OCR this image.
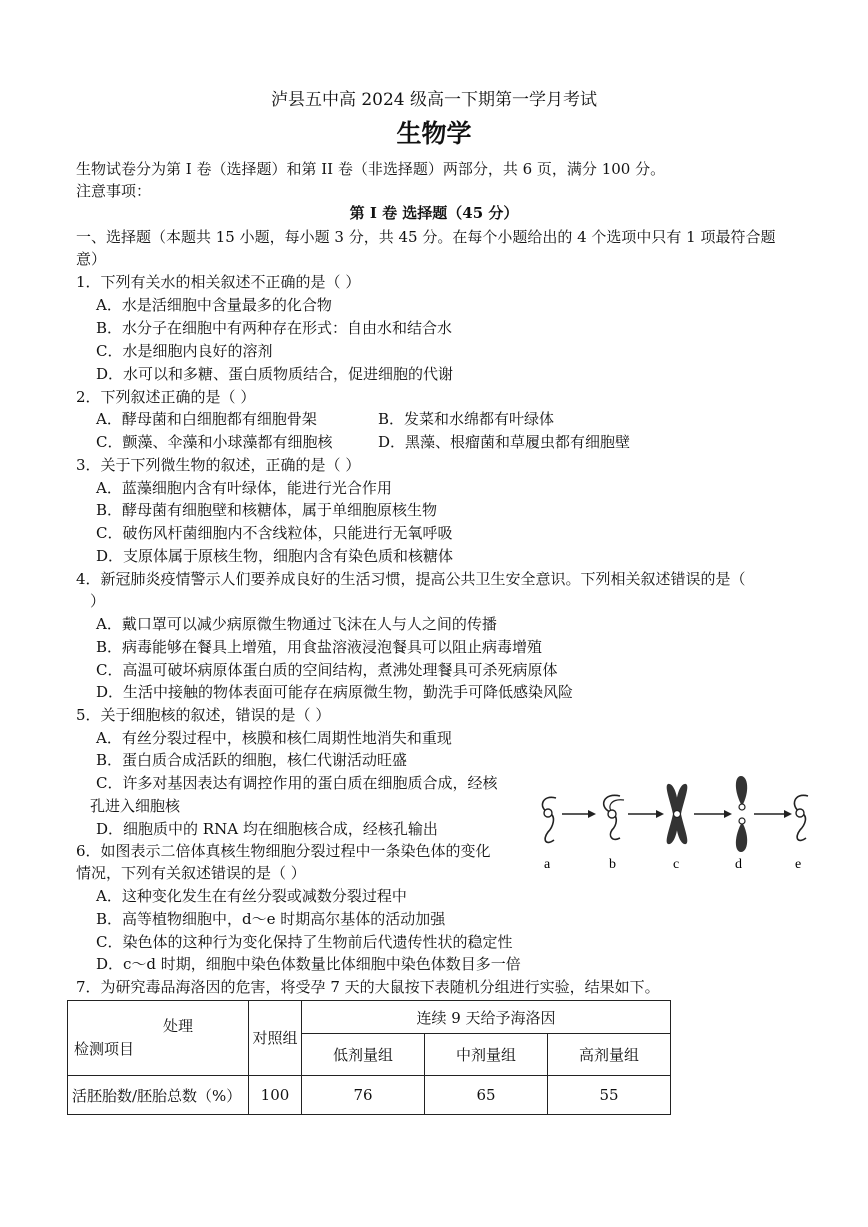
泸县五中高 2024 级高一下期第一学月考试
生物学
生物试卷分为第 I 卷（选择题）和第 II 卷（非选择题）两部分，共 6 页，满分 100 分。
注意事项：
第 I 卷 选择题（45 分）
一、选择题（本题共 15 小题，每小题 3 分，共 45 分。在每个小题给出的 4 个选项中只有 1 项最符合题
意）
1．下列有关水的相关叙述不正确的是（ ）
A．水是活细胞中含量最多的化合物
B．水分子在细胞中有两种存在形式：自由水和结合水
C．水是细胞内良好的溶剂
D．水可以和多糖、蛋白质物质结合，促进细胞的代谢
2．下列叙述正确的是（ ）
A．酵母菌和白细胞都有细胞骨架	B．发菜和水绵都有叶绿体
C．颤藻、伞藻和小球藻都有细胞核	D．黑藻、根瘤菌和草履虫都有细胞壁
3．关于下列微生物的叙述，正确的是（ ）
A．蓝藻细胞内含有叶绿体，能进行光合作用
B．酵母菌有细胞壁和核糖体，属于单细胞原核生物
C．破伤风杆菌细胞内不含线粒体，只能进行无氧呼吸
D．支原体属于原核生物，细胞内含有染色质和核糖体
4．新冠肺炎疫情警示人们要养成良好的生活习惯，提高公共卫生安全意识。下列相关叙述错误的是（
）
A．戴口罩可以减少病原微生物通过飞沫在人与人之间的传播
B．病毒能够在餐具上增殖，用食盐溶液浸泡餐具可以阻止病毒增殖
C．高温可破坏病原体蛋白质的空间结构，煮沸处理餐具可杀死病原体
D．生活中接触的物体表面可能存在病原微生物，勤洗手可降低感染风险
5．关于细胞核的叙述，错误的是（ ）
A．有丝分裂过程中，核膜和核仁周期性地消失和重现
B．蛋白质合成活跃的细胞，核仁代谢活动旺盛
C．许多对基因表达有调控作用的蛋白质在细胞质合成，经核
孔进入细胞核
D．细胞质中的 RNA 均在细胞核合成，经核孔输出
6．如图表示二倍体真核生物细胞分裂过程中一条染色体的变化
情况，下列有关叙述错误的是（ ）
A．这种变化发生在有丝分裂或减数分裂过程中
B．高等植物细胞中，d～e 时期高尔基体的活动加强
C．染色体的这种行为变化保持了生物前后代遗传性状的稳定性
D．c～d 时期，细胞中染色体数量比体细胞中染色体数目多一倍
7．为研究毒品海洛因的危害，将受孕 7 天的大鼠按下表随机分组进行实验，结果如下。
a	b	c	d	e
处理
检测项目	对照组	连续 9 天给予海洛因		
		低剂量组	中剂量组	高剂量组
活胚胎数/胚胎总数（%）	100	76	65	55
